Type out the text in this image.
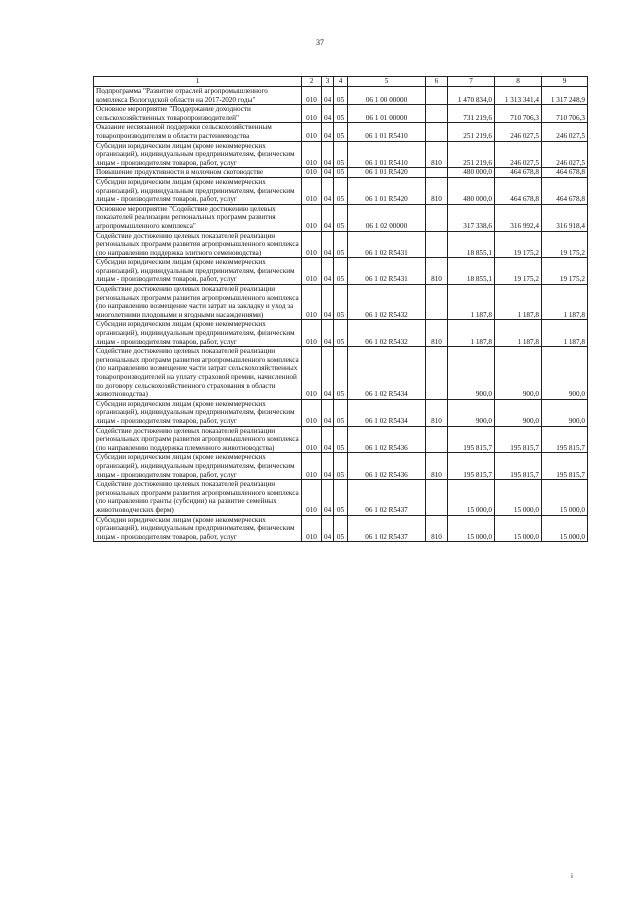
37
1	2	3	4	5	6	7	8	9
Подпрограмма "Развитие отраслей агропромышленного комплекса Вологодской области на 2017-2020 годы"	010	04	05	06 1 00 00000		1 470 834,0	1 313 341,4	1 317 248,9
Основное мероприятие "Поддержание доходности сельскохозяйственных товаропроизводителей"	010	04	05	06 1 01 00000		731 219,6	710 706,3	710 706,3
Оказание несвязанной поддержки сельскохозяйственным товаропроизводителям в области растениеводства	010	04	05	06 1 01 R5410		251 219,6	246 027,5	246 027,5
Субсидии юридическим лицам (кроме некоммерческих организаций), индивидуальным предпринимателям, физическим лицам - производителям товаров, работ, услуг	010	04	05	06 1 01 R5410	810	251 219,6	246 027,5	246 027,5
Повышение продуктивности в молочном скотоводстве	010	04	05	06 1 01 R5420		480 000,0	464 678,8	464 678,8
Субсидии юридическим лицам (кроме некоммерческих организаций), индивидуальным предпринимателям, физическим лицам - производителям товаров, работ, услуг	010	04	05	06 1 01 R5420	810	480 000,0	464 678,8	464 678,8
Основное мероприятие "Содействие достижению целевых показателей реализации региональных программ развития агропромышленного комплекса"	010	04	05	06 1 02 00000		317 338,6	316 992,4	316 918,4
Содействие достижению целевых показателей реализации региональных программ развития агропромышленного комплекса (по направлению поддержка элитного семеноводства)	010	04	05	06 1 02 R5431		18 855,1	19 175,2	19 175,2
Субсидии юридическим лицам (кроме некоммерческих организаций), индивидуальным предпринимателям, физическим лицам - производителям товаров, работ, услуг	010	04	05	06 1 02 R5431	810	18 855,1	19 175,2	19 175,2
Содействие достижению целевых показателей реализации региональных программ развития агропромышленного комплекса (по направлению возмещение части затрат на закладку и уход за многолетними плодовыми и ягодными насаждениями)	010	04	05	06 1 02 R5432		1 187,8	1 187,8	1 187,8
Субсидии юридическим лицам (кроме некоммерческих организаций), индивидуальным предпринимателям, физическим лицам - производителям товаров, работ, услуг	010	04	05	06 1 02 R5432	810	1 187,8	1 187,8	1 187,8
Содействие достижению целевых показателей реализации региональных программ развития агропромышленного комплекса (по направлению возмещение части затрат сельскохозяйственных товаропроизводителей на уплату страховой премии, начисленной по договору сельскохозяйственного страхования в области животноводства)	010	04	05	06 1 02 R5434		900,0	900,0	900,0
Субсидии юридическим лицам (кроме некоммерческих организаций), индивидуальным предпринимателям, физическим лицам - производителям товаров, работ, услуг	010	04	05	06 1 02 R5434	810	900,0	900,0	900,0
Содействие достижению целевых показателей реализации региональных программ развития агропромышленного комплекса (по направлению поддержка племенного животноводства)	010	04	05	06 1 02 R5436		195 815,7	195 815,7	195 815,7
Субсидии юридическим лицам (кроме некоммерческих организаций), индивидуальным предпринимателям, физическим лицам - производителям товаров, работ, услуг	010	04	05	06 1 02 R5436	810	195 815,7	195 815,7	195 815,7
Содействие достижению целевых показателей реализации региональных программ развития агропромышленного комплекса (по направлению гранты (субсидии) на развитие семейных животноводческих ферм)	010	04	05	06 1 02 R5437		15 000,0	15 000,0	15 000,0
Субсидии юридическим лицам (кроме некоммерческих организаций), индивидуальным предпринимателям, физическим лицам - производителям товаров, работ, услуг	010	04	05	06 1 02 R5437	810	15 000,0	15 000,0	15 000,0
i
